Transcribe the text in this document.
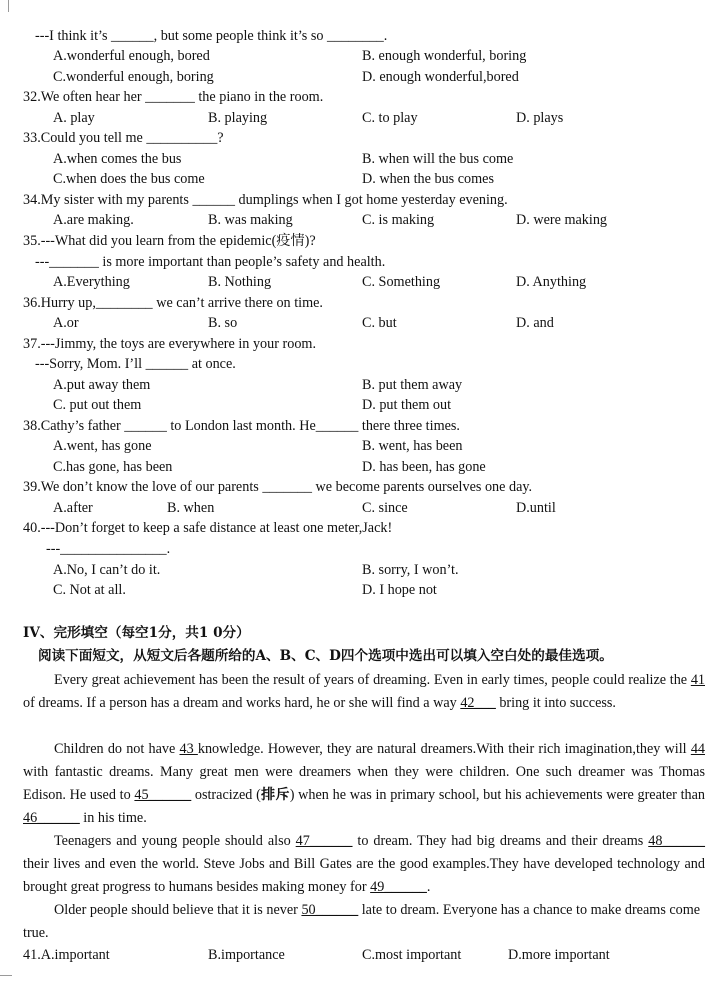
---I think it’s ______, but some people think it’s so ________.
A.wonderful enough, bored	B. enough wonderful, boring
C.wonderful enough, boring	D. enough wonderful,bored
32.We often hear her _______ the piano in the room.
A. play	B. playing	C. to play	D. plays
33.Could you tell me __________?
A.when comes the bus	B. when will the bus come
C.when does the bus come	D. when the bus comes
34.My sister with my parents ______ dumplings when I got home yesterday evening.
A.are making.	B. was making	C. is making	D. were making
35.---What did you learn from the epidemic(疫情)?
---_______ is more important than people’s safety and health.
A.Everything	B. Nothing	C. Something	D. Anything
36.Hurry up,________ we can’t arrive there on time.
A.or	B. so	C. but	D. and
37.---Jimmy, the toys are everywhere in your room.
---Sorry, Mom. I’ll ______ at once.
A.put away them	B. put them away
C. put out them	D. put them out
38.Cathy’s father ______ to London last month. He______ there three times.
A.went, has gone	B. went, has been
C.has gone, has been	D. has been, has gone
39.We don’t know the love of our parents _______ we become parents ourselves one day.
A.after	B. when	C. since	D.until
40.---Don’t forget to keep a safe distance at least one meter,Jack!
---_______________.
A.No, I can’t do it.	B. sorry, I won’t.
C. Not at all.	D. I hope not
IV、完形填空（每空1分，共1 0分）
阅读下面短文，从短文后各题所给的A、B、C、D四个选项中选出可以填入空白处的最佳选项。
Every great achievement has been the result of years of dreaming. Even in early times, people could realize the 41 of dreams. If a person has a dream and works hard, he or she will find a way 42___ bring it into success.
Children do not have 43 knowledge. However, they are natural dreamers.With their rich imagination,they will 44 with fantastic dreams. Many great men were dreamers when they were children. One such dreamer was Thomas Edison. He used to 45______ ostracized (排斥) when he was in primary school, but his achievements were greater than 46______ in his time.
Teenagers and young people should also 47______ to dream. They had big dreams and their dreams 48______ their lives and even the world. Steve Jobs and Bill Gates are the good examples.They have developed technology and brought great progress to humans besides making money for 49______.
Older people should believe that it is never 50______ late to dream. Everyone has a chance to make dreams come true.
41.A.important	B.importance	C.most important	D.more important
